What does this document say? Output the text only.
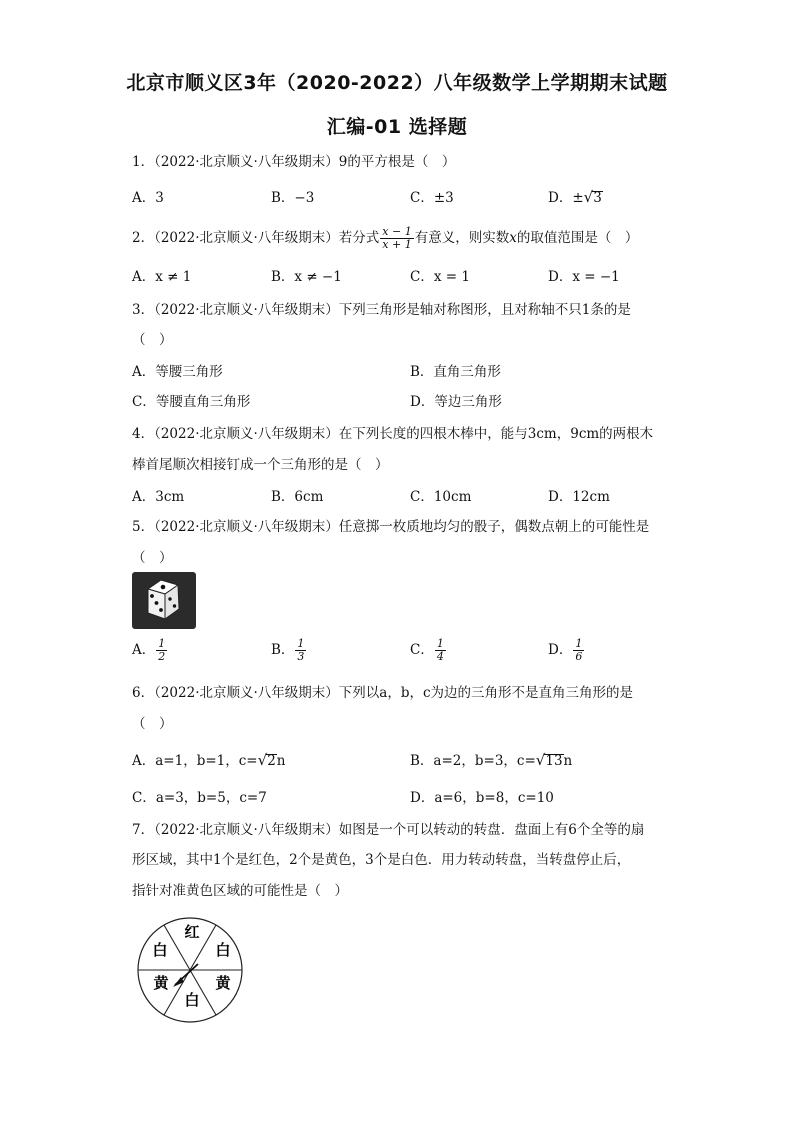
北京市顺义区3年（2020-2022）八年级数学上学期期末试题
汇编-01 选择题
1．（2022·北京顺义·八年级期末）9的平方根是（　）
A．3	B．−3	C．±3	D．±√3
2．（2022·北京顺义·八年级期末）若分式 $\frac{x - 1}{x + 1}$ 有意义，则实数x的取值范围是（　）
A．x ≠ 1	B．x ≠ −1	C．x = 1	D．x = −1
3．（2022·北京顺义·八年级期末）下列三角形是轴对称图形，且对称轴不只1条的是
（　）
A．等腰三角形	B．直角三角形
C．等腰直角三角形	D．等边三角形
4．（2022·北京顺义·八年级期末）在下列长度的四根木棒中，能与3cm，9cm的两根木
棒首尾顺次相接钉成一个三角形的是（　）
A．3cm	B．6cm	C．10cm	D．12cm
5．（2022·北京顺义·八年级期末）任意掷一枚质地均匀的骰子，偶数点朝上的可能性是
（　）
A． $\frac{1}{2}$	B． $\frac{1}{3}$	C． $\frac{1}{4}$	D． $\frac{1}{6}$
6．（2022·北京顺义·八年级期末）下列以a，b，c为边的三角形不是直角三角形的是
（　）
A．a=1，b=1，c=√2n	B．a=2，b=3，c=√13n
C．a=3，b=5，c=7	D．a=6，b=8，c=10
7．（2022·北京顺义·八年级期末）如图是一个可以转动的转盘．盘面上有6个全等的扇
形区域，其中1个是红色，2个是黄色，3个是白色．用力转动转盘，当转盘停止后，
指针对准黄色区域的可能性是（　）
红
白
黄
白
黄
白
